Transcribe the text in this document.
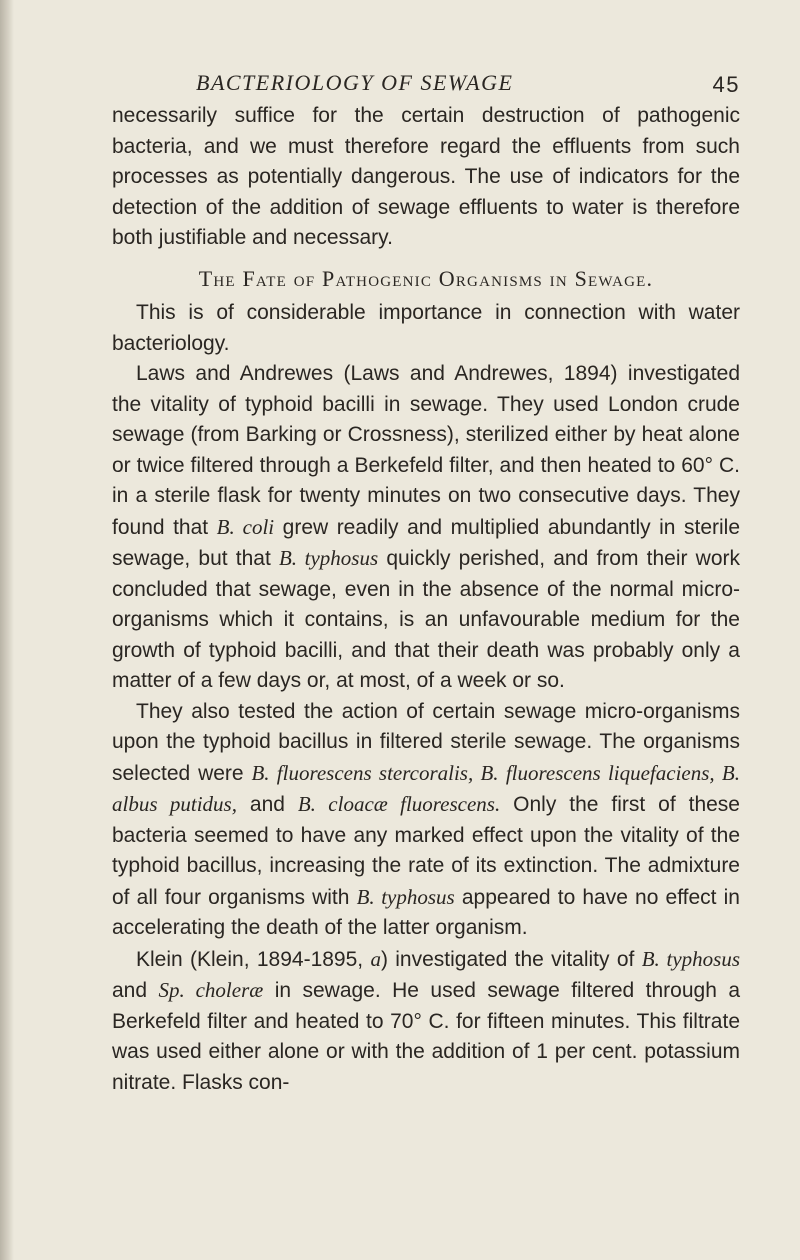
BACTERIOLOGY OF SEWAGE	45

necessarily suffice for the certain destruction of pathogenic bacteria, and we must therefore regard the effluents from such processes as potentially dangerous. The use of indicators for the detection of the addition of sewage effluents to water is therefore both justifiable and necessary.

The Fate of Pathogenic Organisms in Sewage.

This is of considerable importance in connection with water bacteriology.

Laws and Andrewes (Laws and Andrewes, 1894) investigated the vitality of typhoid bacilli in sewage. They used London crude sewage (from Barking or Crossness), sterilized either by heat alone or twice filtered through a Berkefeld filter, and then heated to 60° C. in a sterile flask for twenty minutes on two consecutive days. They found that B. coli grew readily and multiplied abundantly in sterile sewage, but that B. typhosus quickly perished, and from their work concluded that sewage, even in the absence of the normal micro-organisms which it contains, is an unfavourable medium for the growth of typhoid bacilli, and that their death was probably only a matter of a few days or, at most, of a week or so.

They also tested the action of certain sewage micro-organisms upon the typhoid bacillus in filtered sterile sewage. The organisms selected were B. fluorescens stercoralis, B. fluorescens liquefaciens, B. albus putidus, and B. cloacæ fluorescens. Only the first of these bacteria seemed to have any marked effect upon the vitality of the typhoid bacillus, increasing the rate of its extinction. The admixture of all four organisms with B. typhosus appeared to have no effect in accelerating the death of the latter organism.

Klein (Klein, 1894-1895, a) investigated the vitality of B. typhosus and Sp. choleræ in sewage. He used sewage filtered through a Berkefeld filter and heated to 70° C. for fifteen minutes. This filtrate was used either alone or with the addition of 1 per cent. potassium nitrate. Flasks con-
